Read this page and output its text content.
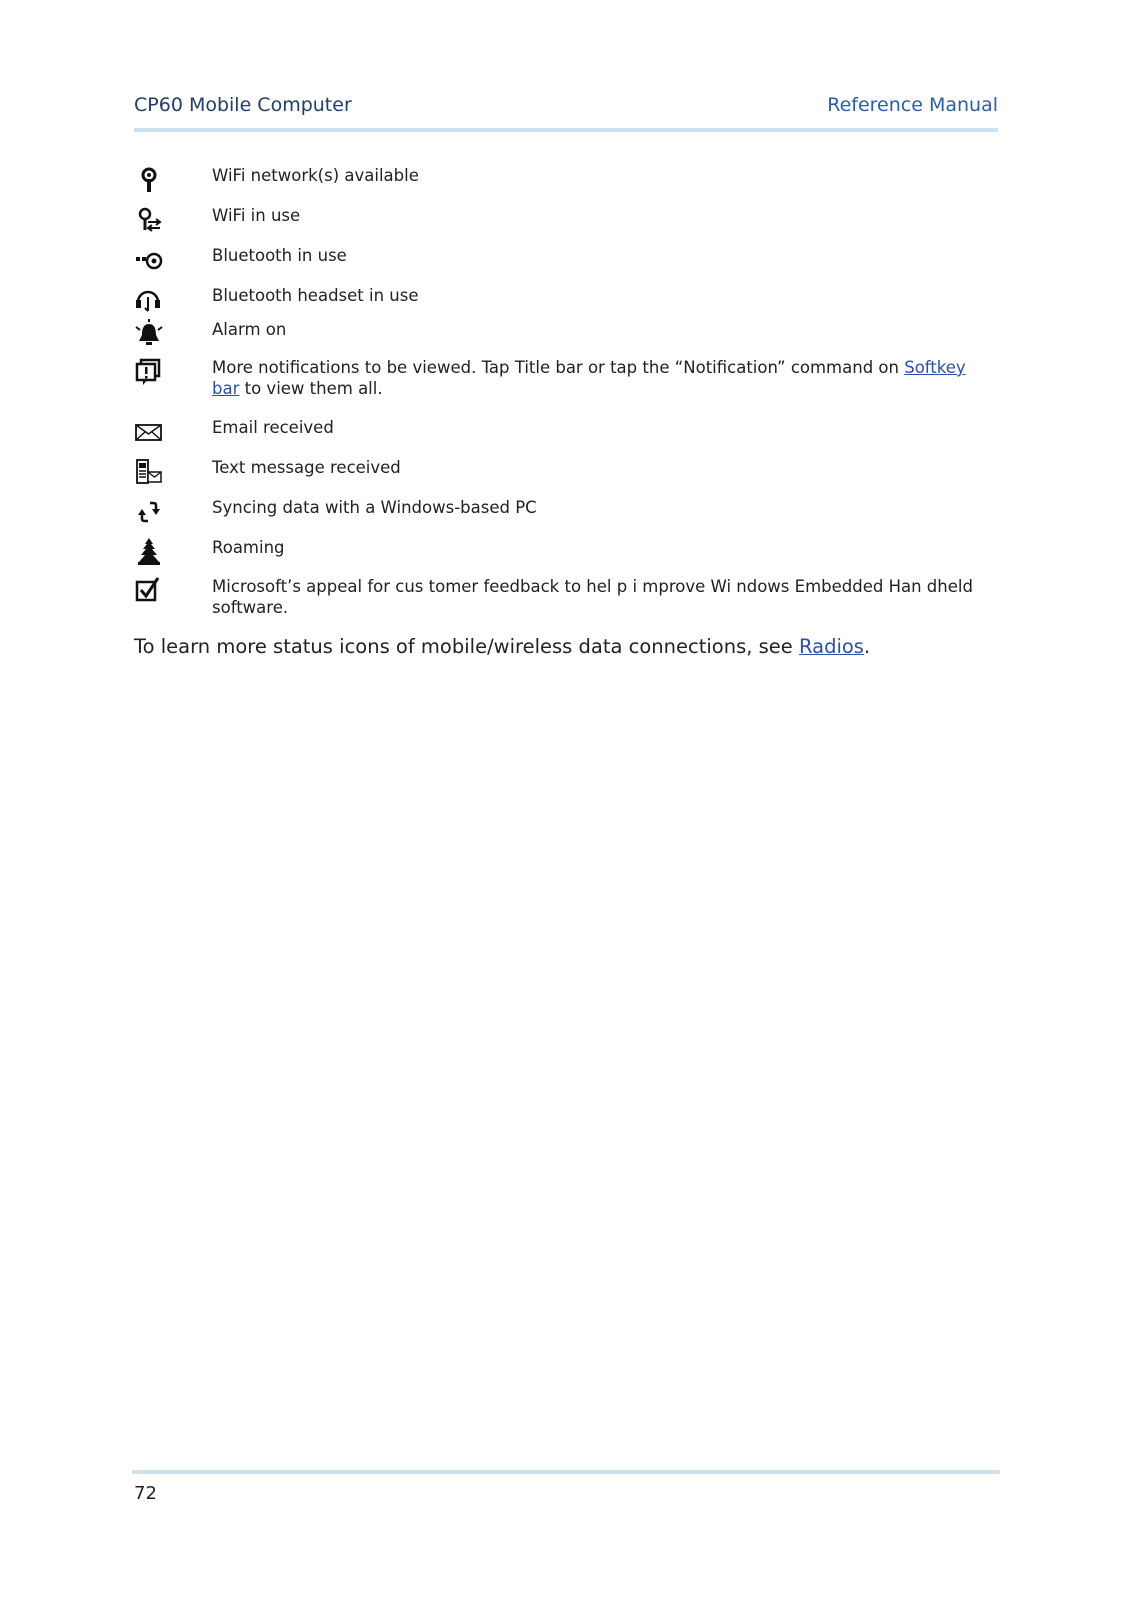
CP60 Mobile Computer	Reference Manual
WiFi network(s) available
WiFi in use
Bluetooth in use
Bluetooth headset in use
Alarm on
More notifications to be viewed. Tap Title bar or tap the “Notification” command on Softkey bar to view them all.
Email received
Text message received
Syncing data with a Windows-based PC
Roaming
Microsoft’s appeal for cus tomer feedback to hel p i mprove Wi ndows Embedded Han dheld software.
To learn more status icons of mobile/wireless data connections, see Radios.
72
